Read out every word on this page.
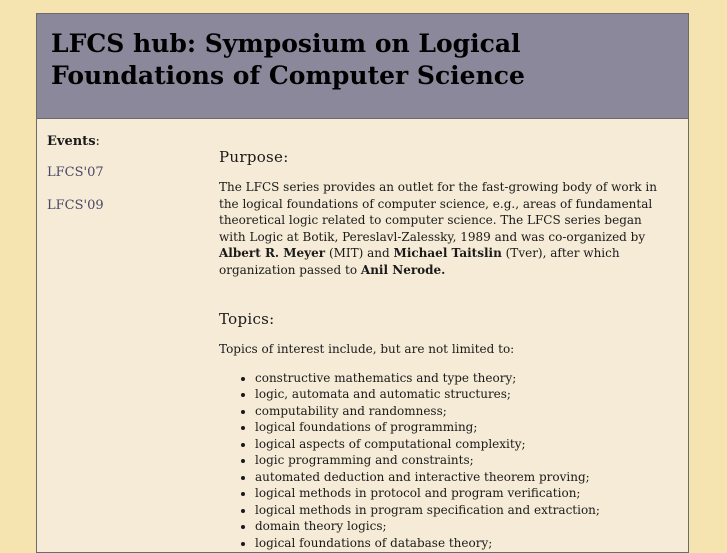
LFCS hub: Symposium on Logical Foundations of Computer Science
Events:
LFCS'07
LFCS'09
Purpose:

The LFCS series provides an outlet for the fast-growing body of work in the logical foundations of computer science, e.g., areas of fundamental theoretical logic related to computer science. The LFCS series began with Logic at Botik, Pereslavl-Zalessky, 1989 and was co-organized by Albert R. Meyer (MIT) and Michael Taitslin (Tver), after which organization passed to Anil Nerode.

Topics:

Topics of interest include, but are not limited to:

• constructive mathematics and type theory;
• logic, automata and automatic structures;
• computability and randomness;
• logical foundations of programming;
• logical aspects of computational complexity;
• logic programming and constraints;
• automated deduction and interactive theorem proving;
• logical methods in protocol and program verification;
• logical methods in program specification and extraction;
• domain theory logics;
• logical foundations of database theory;
